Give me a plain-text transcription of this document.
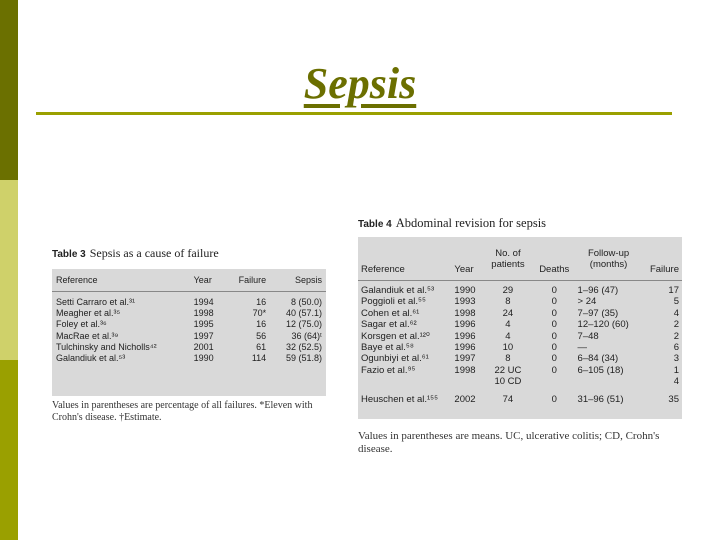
Sepsis
Table 3 Sepsis as a cause of failure
Reference	Year	Failure	Sepsis
Setti Carraro et al.³¹	1994	16	8 (50.0)
Meagher et al.³⁵	1998	70*	40 (57.1)
Foley et al.³⁶	1995	16	12 (75.0)
MacRae et al.³⁹	1997	56	36 (64)ᵗ
Tulchinsky and Nicholls⁴²	2001	61	32 (52.5)
Galandiuk et al.⁵³	1990	114	59 (51.8)
Values in parentheses are percentage of all failures. *Eleven with Crohn's disease. †Estimate.
Table 4 Abdominal revision for sepsis
Reference	Year	No. of patients	Deaths	Follow-up (months)	Failure
Galandiuk et al.⁵³	1990	29	0	1–96 (47)	17
Poggioli et al.⁵⁵	1993	8	0	> 24	5
Cohen et al.⁶¹	1998	24	0	7–97 (35)	4
Sagar et al.⁶²	1996	4	0	12–120 (60)	2
Korsgen et al.¹²⁰	1996	4	0	7–48	2
Baye et al.⁵⁸	1996	10	0	—	6
Ogunbiyi et al.⁶¹	1997	8	0	6–84 (34)	3
Fazio et al.⁹⁵	1998	22 UC	0	6–105 (18)	1
		10 CD			4
Heuschen et al.¹⁵⁵	2002	74	0	31–96 (51)	35
Values in parentheses are means. UC, ulcerative colitis; CD, Crohn's disease.
